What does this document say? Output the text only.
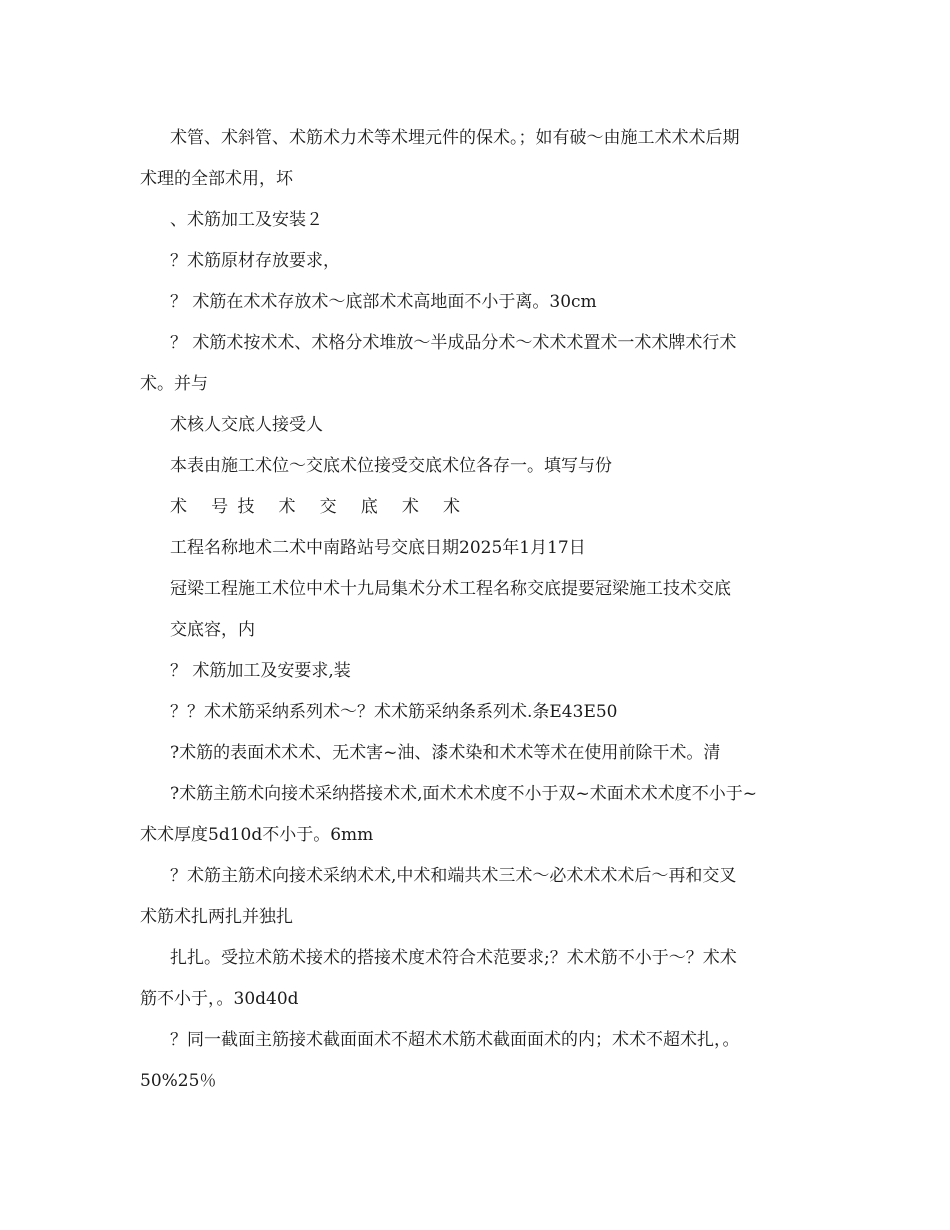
术管、术斜管、术筋术力术等术埋元件的保术。；如有破～由施工术术术后期
术理的全部术用，坏
、术筋加工及安装２
？术筋原材存放要求，
？ 术筋在术术存放术～底部术术高地面不小于离。30cm
？ 术筋术按术术、术格分术堆放～半成品分术～术术术置术一术术牌术行术
术。并与
术核人交底人接受人
本表由施工术位～交底术位接受交底术位各存一。填写与份
术 号技 术 交 底 术 术
工程名称地术二术中南路站号交底日期2025年1月17日
冠梁工程施工术位中术十九局集术分术工程名称交底提要冠梁施工技术交底
交底容，内
？ 术筋加工及安要求,装
？？术术筋采纳系列术～？术术筋采纳条系列术.条E43E50
?术筋的表面术术术、无术害~油、漆术染和术术等术在使用前除干术。清
?术筋主筋术向接术采纳搭接术术,面术术术度不小于双~术面术术术度不小于~
术术厚度5d10d不小于。6mm
？术筋主筋术向接术采纳术术,中术和端共术三术～必术术术术后～再和交叉
术筋术扎两扎并独扎
扎扎。受拉术筋术接术的搭接术度术符合术范要求;？术术筋不小于～？术术
筋不小于，。30d40d
？同一截面主筋接术截面面术不超术术筋术截面面术的内；术术不超术扎，。
50%25％
